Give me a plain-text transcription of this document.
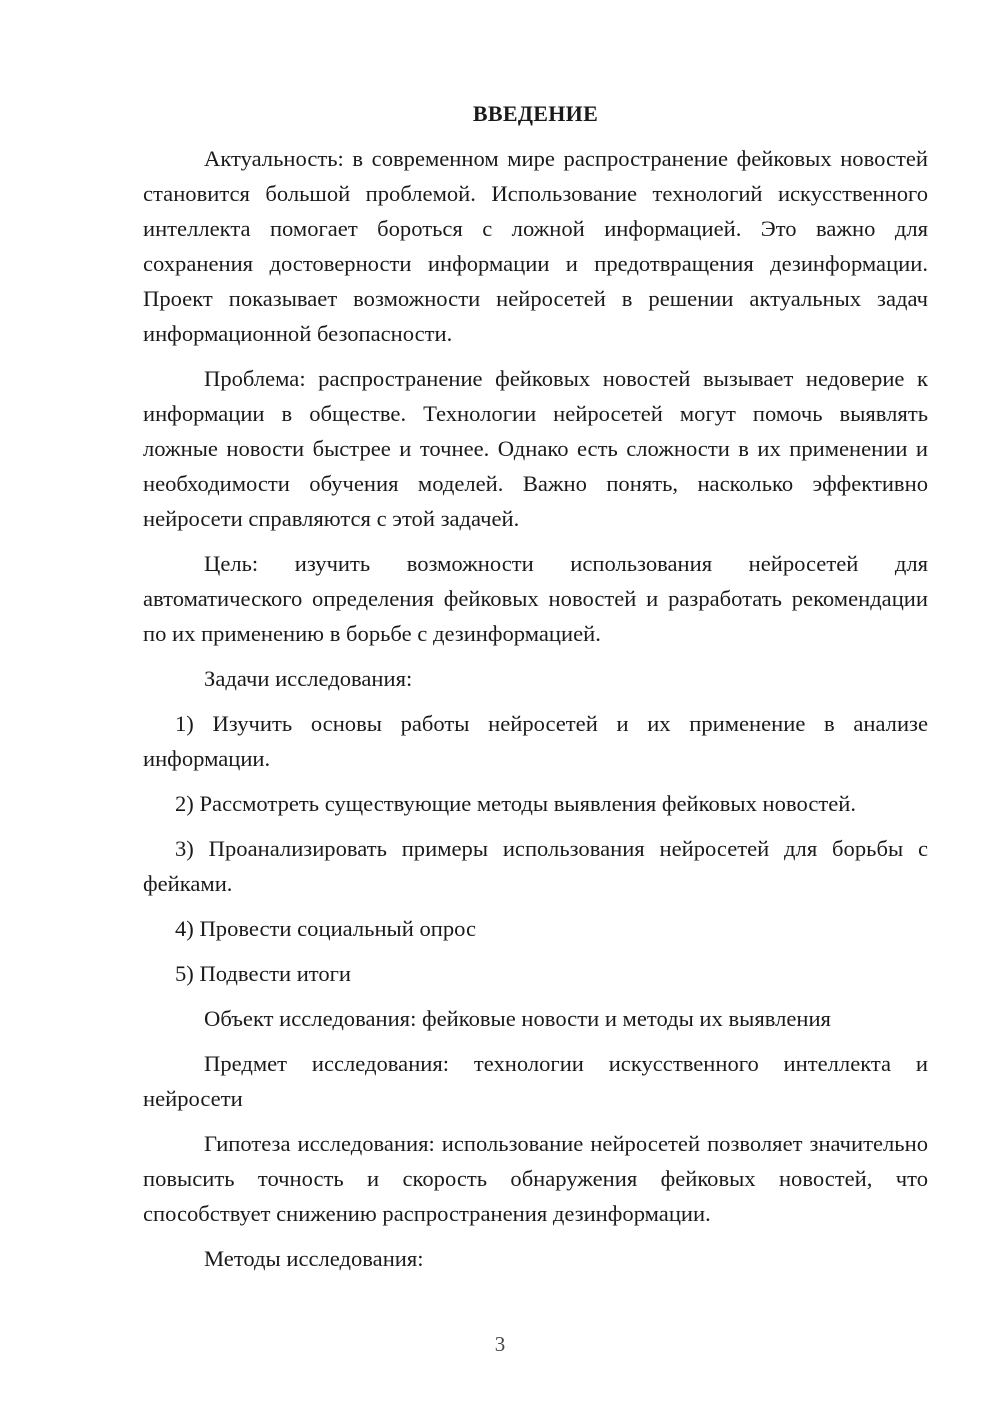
ВВЕДЕНИЕ

Актуальность: в современном мире распространение фейковых новостей становится большой проблемой. Использование технологий искусственного интеллекта помогает бороться с ложной информацией. Это важно для сохранения достоверности информации и предотвращения дезинформации. Проект показывает возможности нейросетей в решении актуальных задач информационной безопасности.

Проблема: распространение фейковых новостей вызывает недоверие к информации в обществе. Технологии нейросетей могут помочь выявлять ложные новости быстрее и точнее. Однако есть сложности в их применении и необходимости обучения моделей. Важно понять, насколько эффективно нейросети справляются с этой задачей.

Цель: изучить возможности использования нейросетей для автоматического определения фейковых новостей и разработать рекомендации по их применению в борьбе с дезинформацией.

Задачи исследования:

1) Изучить основы работы нейросетей и их применение в анализе информации.

2) Рассмотреть существующие методы выявления фейковых новостей.

3) Проанализировать примеры использования нейросетей для борьбы с фейками.

4) Провести социальный опрос

5) Подвести итоги

Объект исследования: фейковые новости и методы их выявления

Предмет исследования: технологии искусственного интеллекта и нейросети

Гипотеза исследования: использование нейросетей позволяет значительно повысить точность и скорость обнаружения фейковых новостей, что способствует снижению распространения дезинформации.

Методы исследования:

3
